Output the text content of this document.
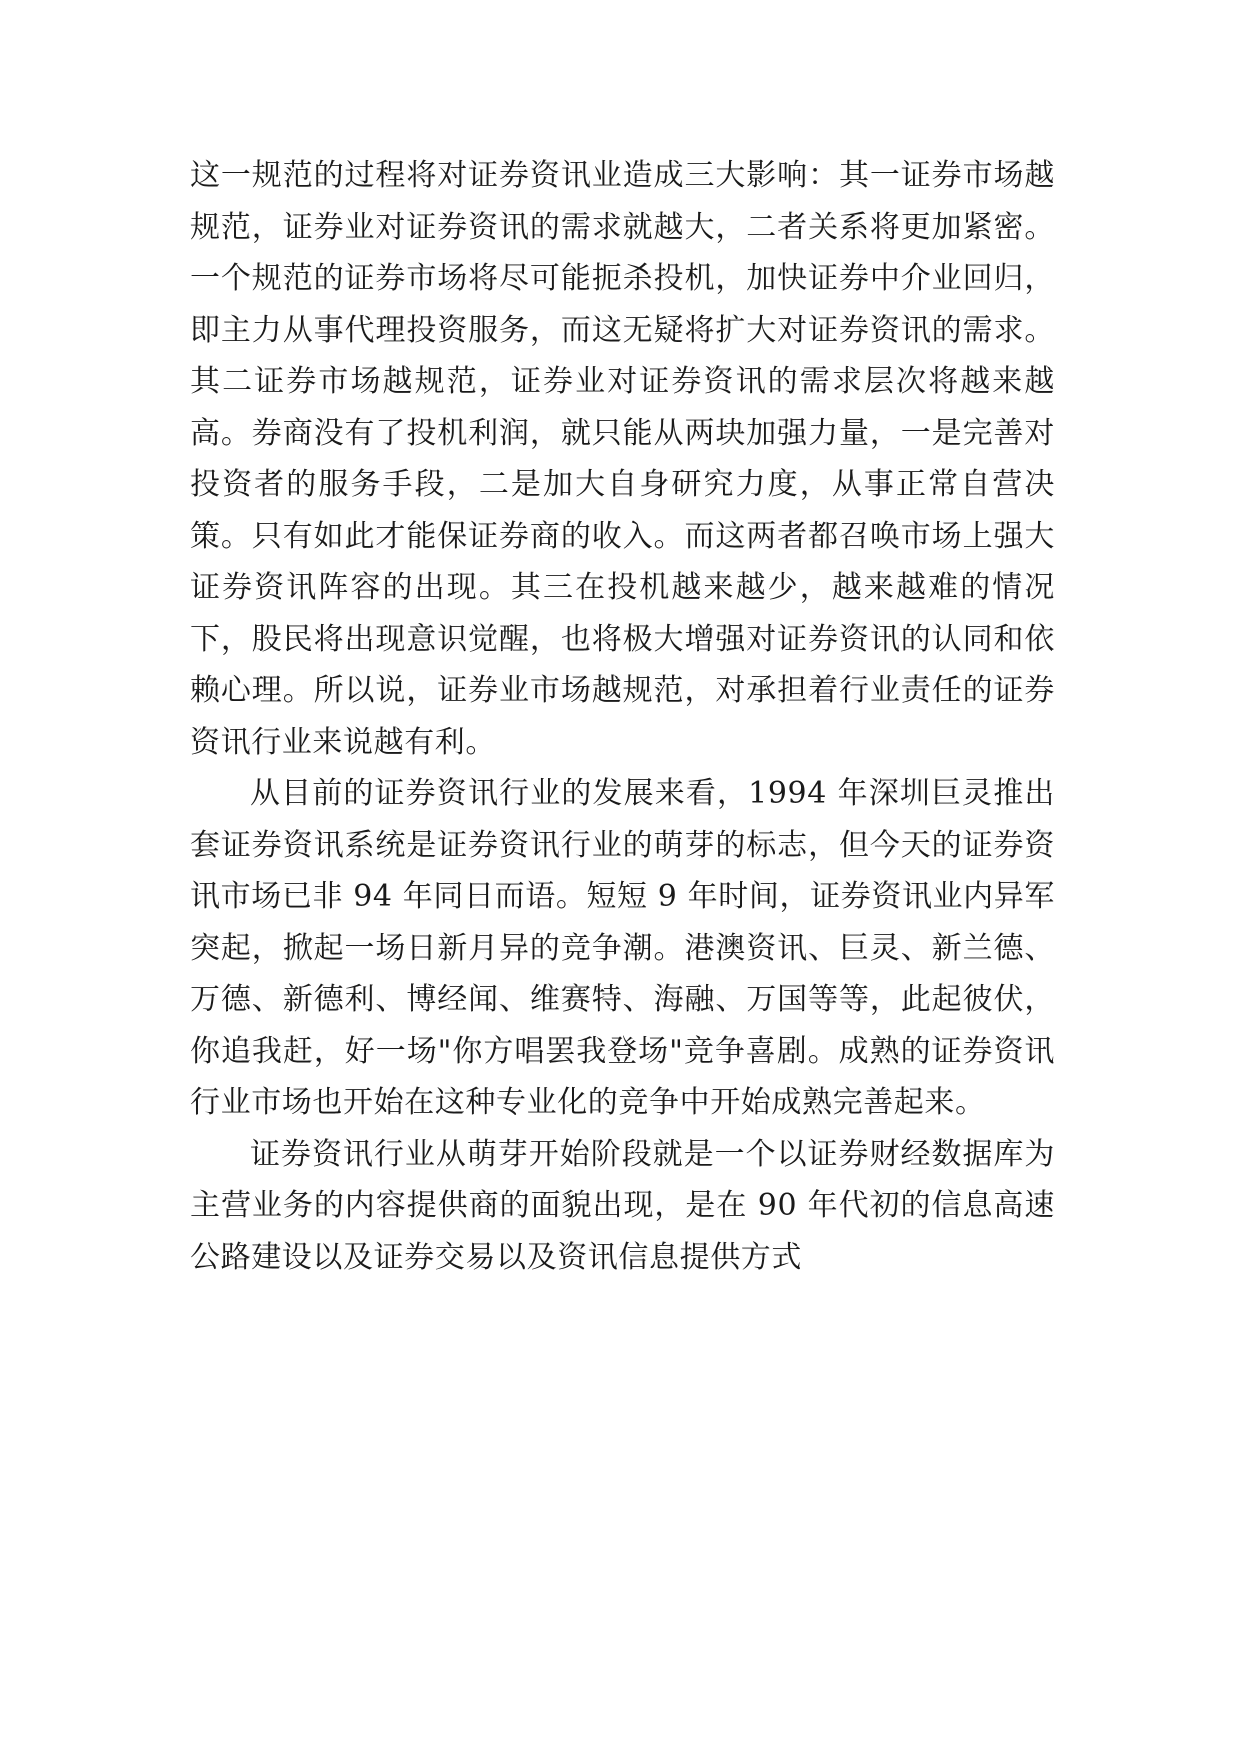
这一规范的过程将对证券资讯业造成三大影响：其一证券市场越规范，证券业对证券资讯的需求就越大，二者关系将更加紧密。一个规范的证券市场将尽可能扼杀投机，加快证券中介业回归，即主力从事代理投资服务，而这无疑将扩大对证券资讯的需求。其二证券市场越规范，证券业对证券资讯的需求层次将越来越高。券商没有了投机利润，就只能从两块加强力量，一是完善对投资者的服务手段，二是加大自身研究力度，从事正常自营决策。只有如此才能保证券商的收入。而这两者都召唤市场上强大证券资讯阵容的出现。其三在投机越来越少，越来越难的情况下，股民将出现意识觉醒，也将极大增强对证券资讯的认同和依赖心理。所以说，证券业市场越规范，对承担着行业责任的证券资讯行业来说越有利。

从目前的证券资讯行业的发展来看，1994 年深圳巨灵推出套证券资讯系统是证券资讯行业的萌芽的标志，但今天的证券资讯市场已非 94 年同日而语。短短 9 年时间，证券资讯业内异军突起，掀起一场日新月异的竞争潮。港澳资讯、巨灵、新兰德、万德、新德利、博经闻、维赛特、海融、万国等等，此起彼伏，你追我赶，好一场"你方唱罢我登场"竞争喜剧。成熟的证券资讯行业市场也开始在这种专业化的竞争中开始成熟完善起来。

证券资讯行业从萌芽开始阶段就是一个以证券财经数据库为主营业务的内容提供商的面貌出现，是在 90 年代初的信息高速公路建设以及证券交易以及资讯信息提供方式
